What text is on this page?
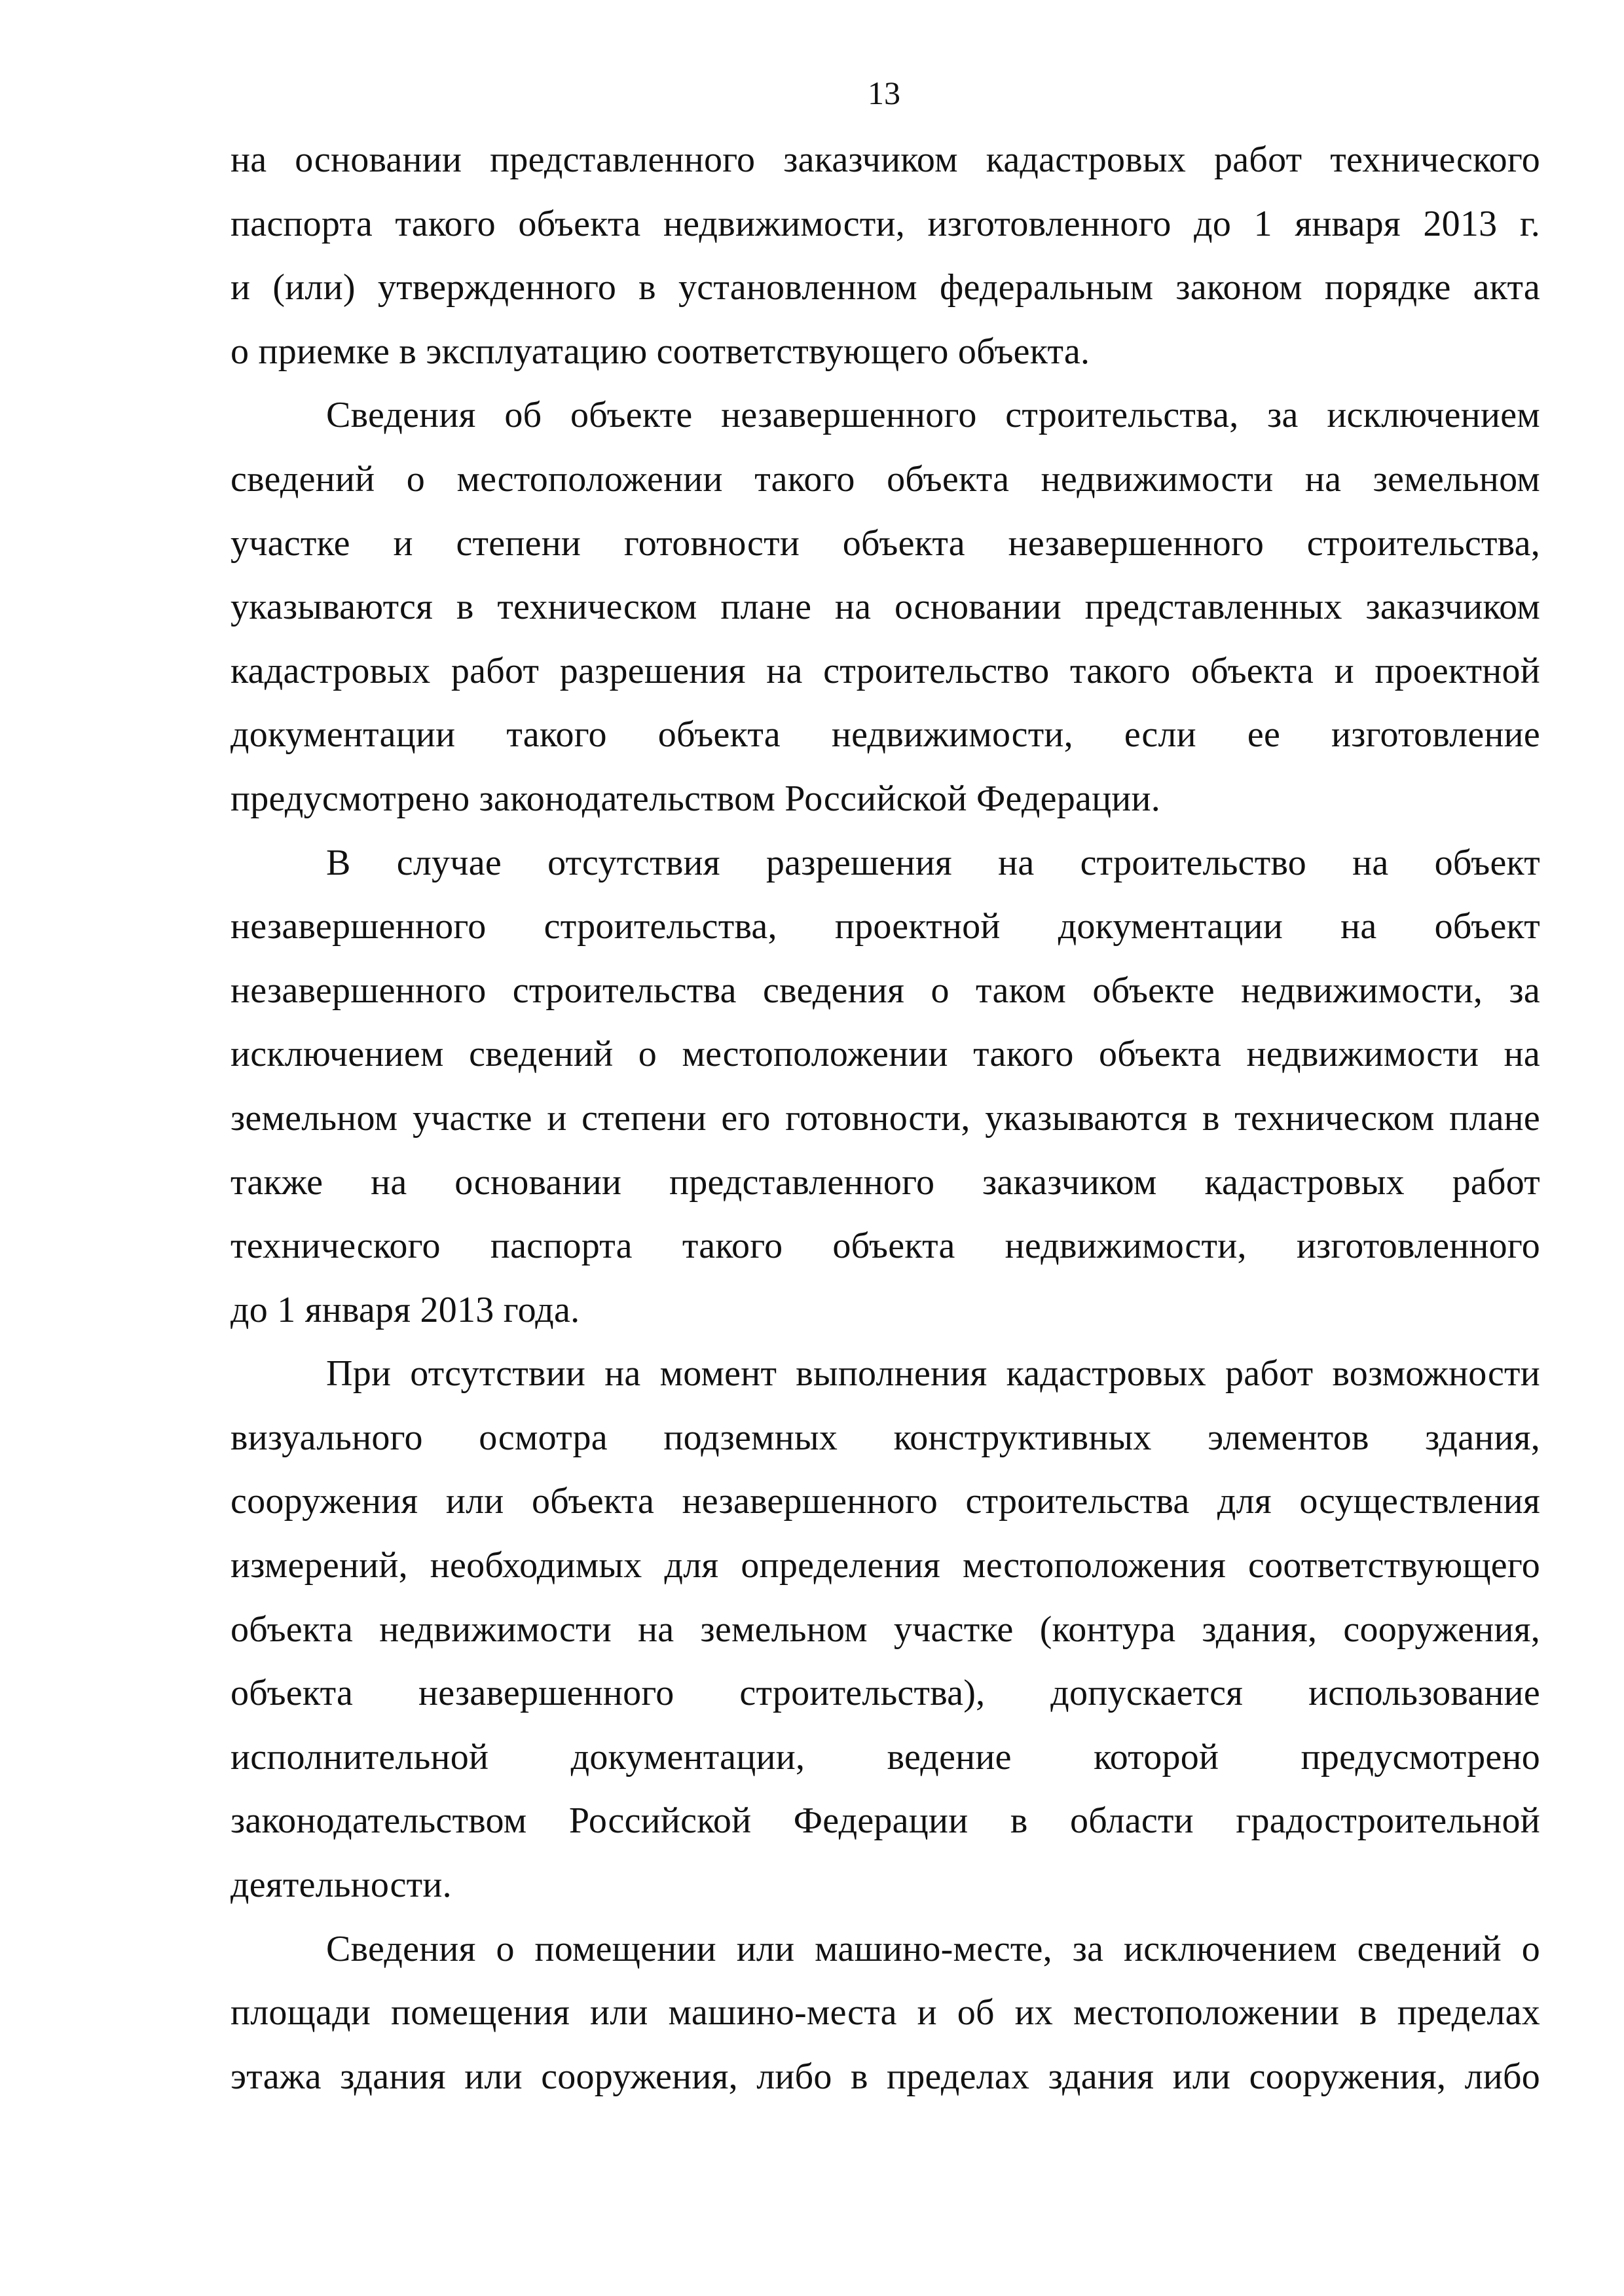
13

на основании представленного заказчиком кадастровых работ технического
паспорта такого объекта недвижимости, изготовленного до 1 января 2013 г.
и (или) утвержденного в установленном федеральным законом порядке акта
о приемке в эксплуатацию соответствующего объекта.

Сведения об объекте незавершенного строительства, за исключением
сведений о местоположении такого объекта недвижимости на земельном
участке и степени готовности объекта незавершенного строительства,
указываются в техническом плане на основании представленных заказчиком
кадастровых работ разрешения на строительство такого объекта и проектной
документации такого объекта недвижимости, если ее изготовление
предусмотрено законодательством Российской Федерации.

В случае отсутствия разрешения на строительство на объект
незавершенного строительства, проектной документации на объект
незавершенного строительства сведения о таком объекте недвижимости, за
исключением сведений о местоположении такого объекта недвижимости на
земельном участке и степени его готовности, указываются в техническом плане
также на основании представленного заказчиком кадастровых работ
технического паспорта такого объекта недвижимости, изготовленного
до 1 января 2013 года.

При отсутствии на момент выполнения кадастровых работ возможности
визуального осмотра подземных конструктивных элементов здания,
сооружения или объекта незавершенного строительства для осуществления
измерений, необходимых для определения местоположения соответствующего
объекта недвижимости на земельном участке (контура здания, сооружения,
объекта незавершенного строительства), допускается использование
исполнительной документации, ведение которой предусмотрено
законодательством Российской Федерации в области градостроительной
деятельности.

Сведения о помещении или машино-месте, за исключением сведений о
площади помещения или машино-места и об их местоположении в пределах
этажа здания или сооружения, либо в пределах здания или сооружения, либо
